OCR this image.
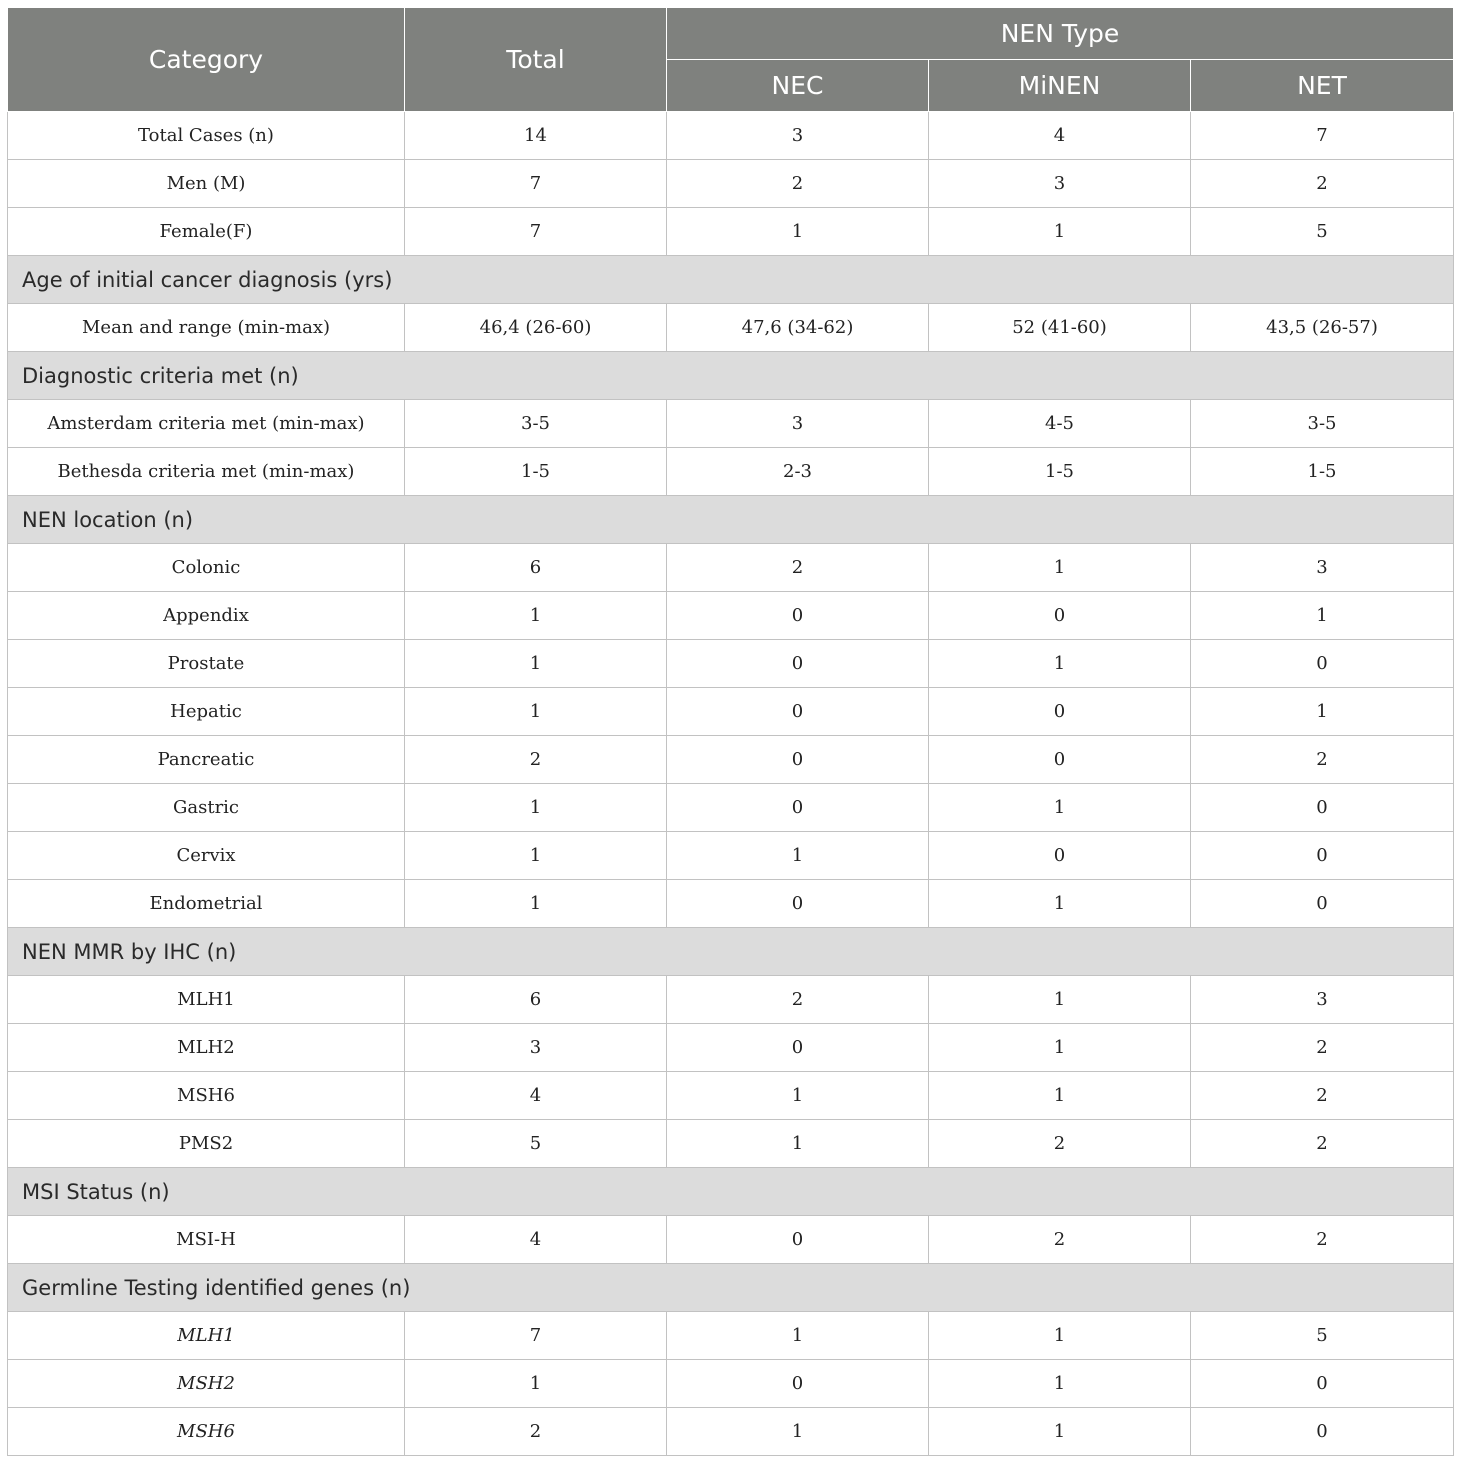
Category	Total	NEN Type		
		NEC	MiNEN	NET
Total Cases (n)	14	3	4	7
Men (M)	7	2	3	2
Female(F)	7	1	1	5
Age of initial cancer diagnosis (yrs)				
Mean and range (min-max)	46,4 (26-60)	47,6 (34-62)	52 (41-60)	43,5 (26-57)
Diagnostic criteria met (n)				
Amsterdam criteria met (min-max)	3-5	3	4-5	3-5
Bethesda criteria met (min-max)	1-5	2-3	1-5	1-5
NEN location (n)				
Colonic	6	2	1	3
Appendix	1	0	0	1
Prostate	1	0	1	0
Hepatic	1	0	0	1
Pancreatic	2	0	0	2
Gastric	1	0	1	0
Cervix	1	1	0	0
Endometrial	1	0	1	0
NEN MMR by IHC (n)				
MLH1	6	2	1	3
MLH2	3	0	1	2
MSH6	4	1	1	2
PMS2	5	1	2	2
MSI Status (n)				
MSI-H	4	0	2	2
Germline Testing identified genes (n)				
MLH1	7	1	1	5
MSH2	1	0	1	0
MSH6	2	1	1	0
